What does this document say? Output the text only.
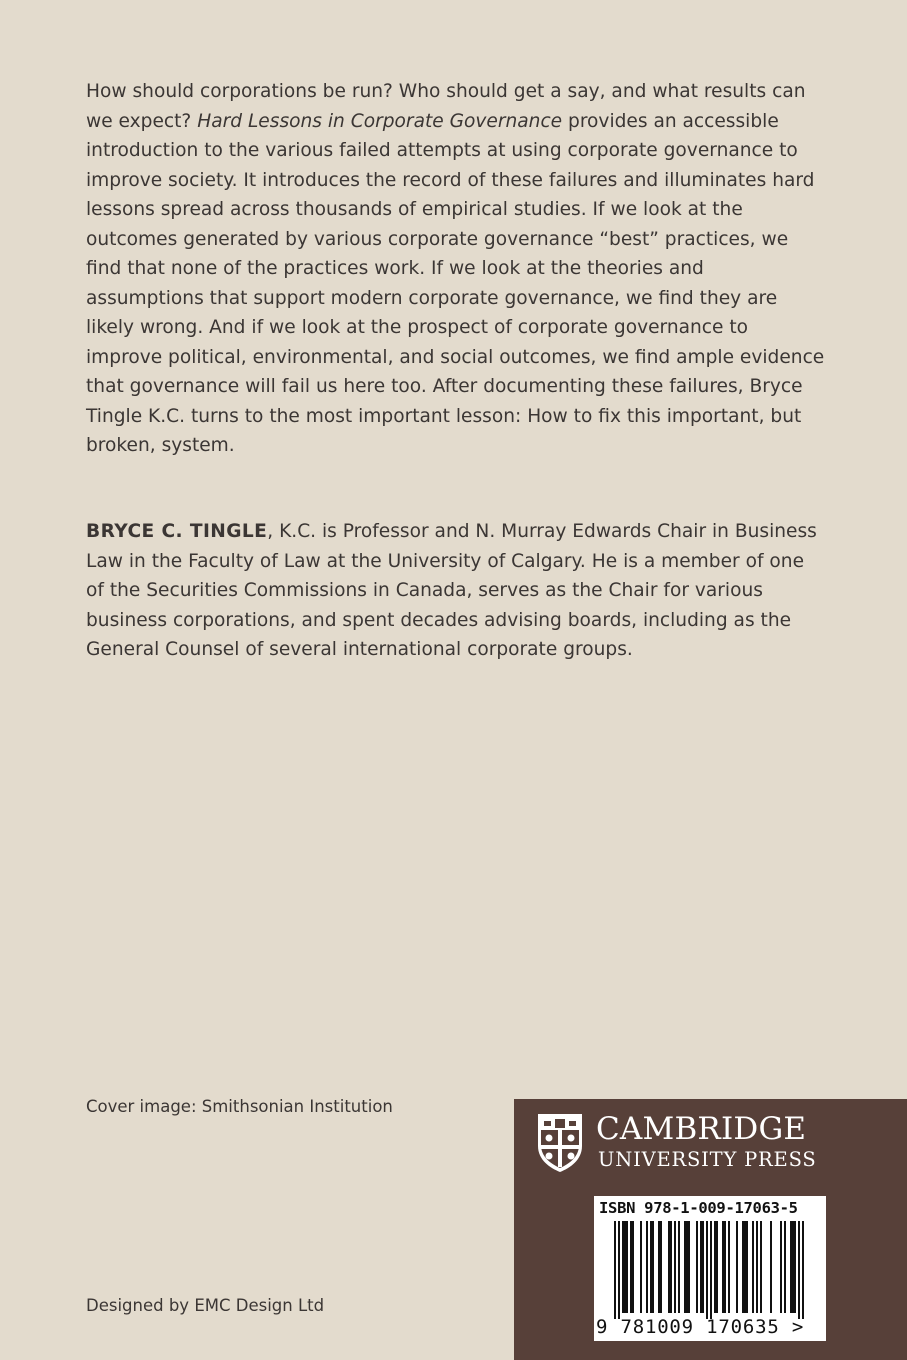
How should corporations be run? Who should get a say, and what results can we expect? Hard Lessons in Corporate Governance provides an accessible introduction to the various failed attempts at using corporate governance to improve society. It introduces the record of these failures and illuminates hard lessons spread across thousands of empirical studies. If we look at the outcomes generated by various corporate governance “best” practices, we find that none of the practices work. If we look at the theories and assumptions that support modern corporate governance, we find they are likely wrong. And if we look at the prospect of corporate governance to improve political, environmental, and social outcomes, we find ample evidence that governance will fail us here too. After documenting these failures, Bryce Tingle K.C. turns to the most important lesson: How to fix this important, but broken, system.

BRYCE C. TINGLE, K.C. is Professor and N. Murray Edwards Chair in Business Law in the Faculty of Law at the University of Calgary. He is a member of one of the Securities Commissions in Canada, serves as the Chair for various business corporations, and spent decades advising boards, including as the General Counsel of several international corporate groups.

Cover image: Smithsonian Institution
Designed by EMC Design Ltd
CAMBRIDGE
UNIVERSITY PRESS
ISBN 978-1-009-17063-5
9 781009 170635 >
